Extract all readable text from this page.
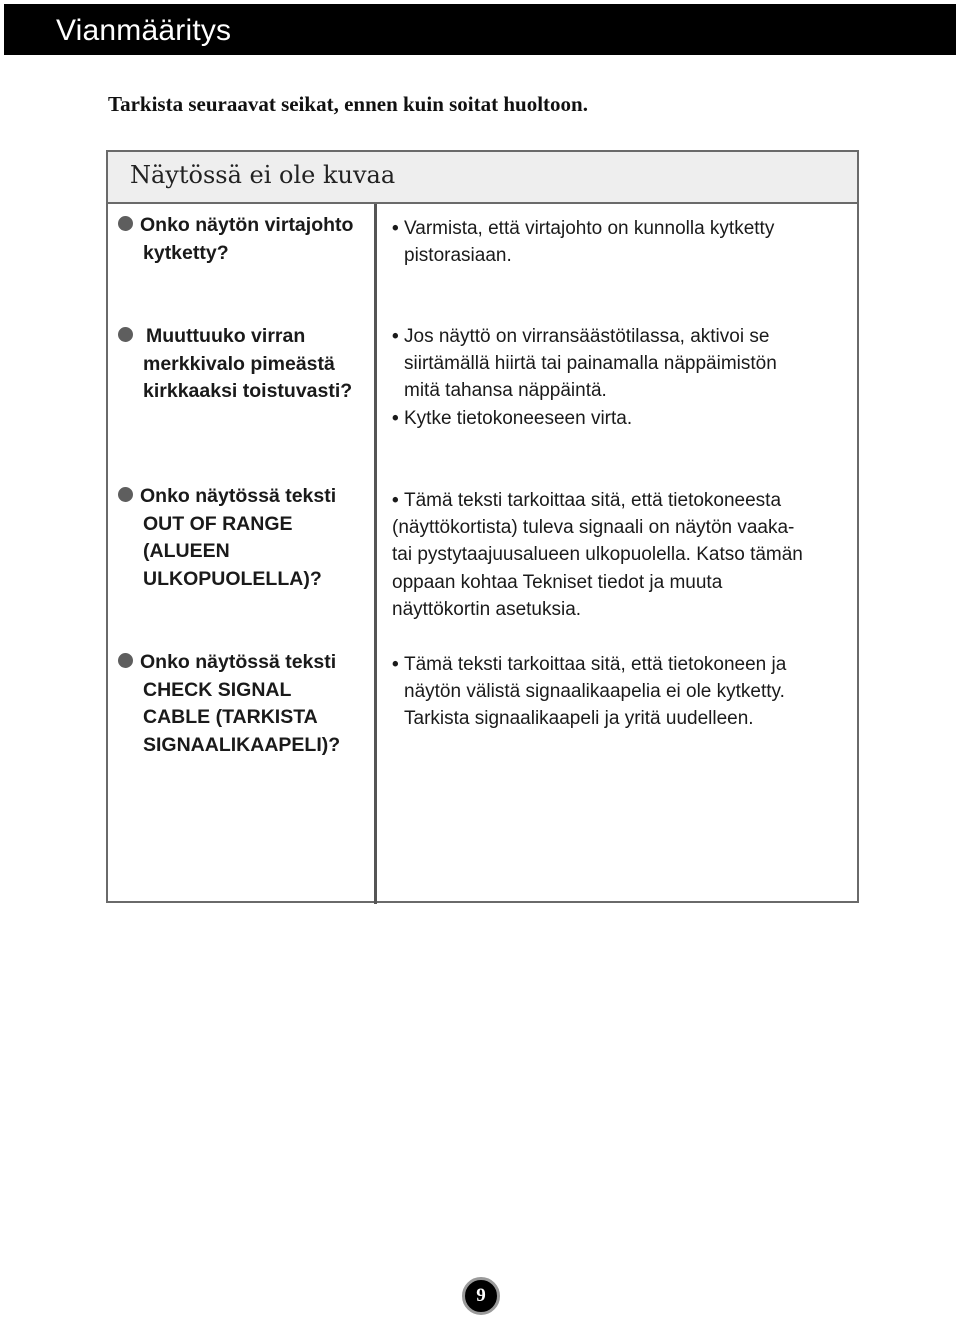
Vianmääritys
Tarkista seuraavat seikat, ennen kuin soitat huoltoon.
Näytössä ei ole kuvaa
Onko näytön virtajohto
kytketty?
• Varmista, että virtajohto on kunnolla kytketty
pistorasiaan.
Muuttuuko virran
merkkivalo pimeästä
kirkkaaksi toistuvasti?
• Jos näyttö on virransäästötilassa, aktivoi se
siirtämällä hiirtä tai painamalla näppäimistön
mitä tahansa näppäintä.
• Kytke tietokoneeseen virta.
Onko näytössä teksti
OUT OF RANGE
(ALUEEN
ULKOPUOLELLA)?
• Tämä teksti tarkoittaa sitä, että tietokoneesta
(näyttökortista) tuleva signaali on näytön vaaka-
tai pystytaajuusalueen ulkopuolella. Katso tämän
oppaan kohtaa Tekniset tiedot ja muuta
näyttökortin asetuksia.
Onko näytössä teksti
CHECK SIGNAL
CABLE (TARKISTA
SIGNAALIKAAPELI)?
• Tämä teksti tarkoittaa sitä, että tietokoneen ja
näytön välistä signaalikaapelia ei ole kytketty.
Tarkista signaalikaapeli ja yritä uudelleen.
9
